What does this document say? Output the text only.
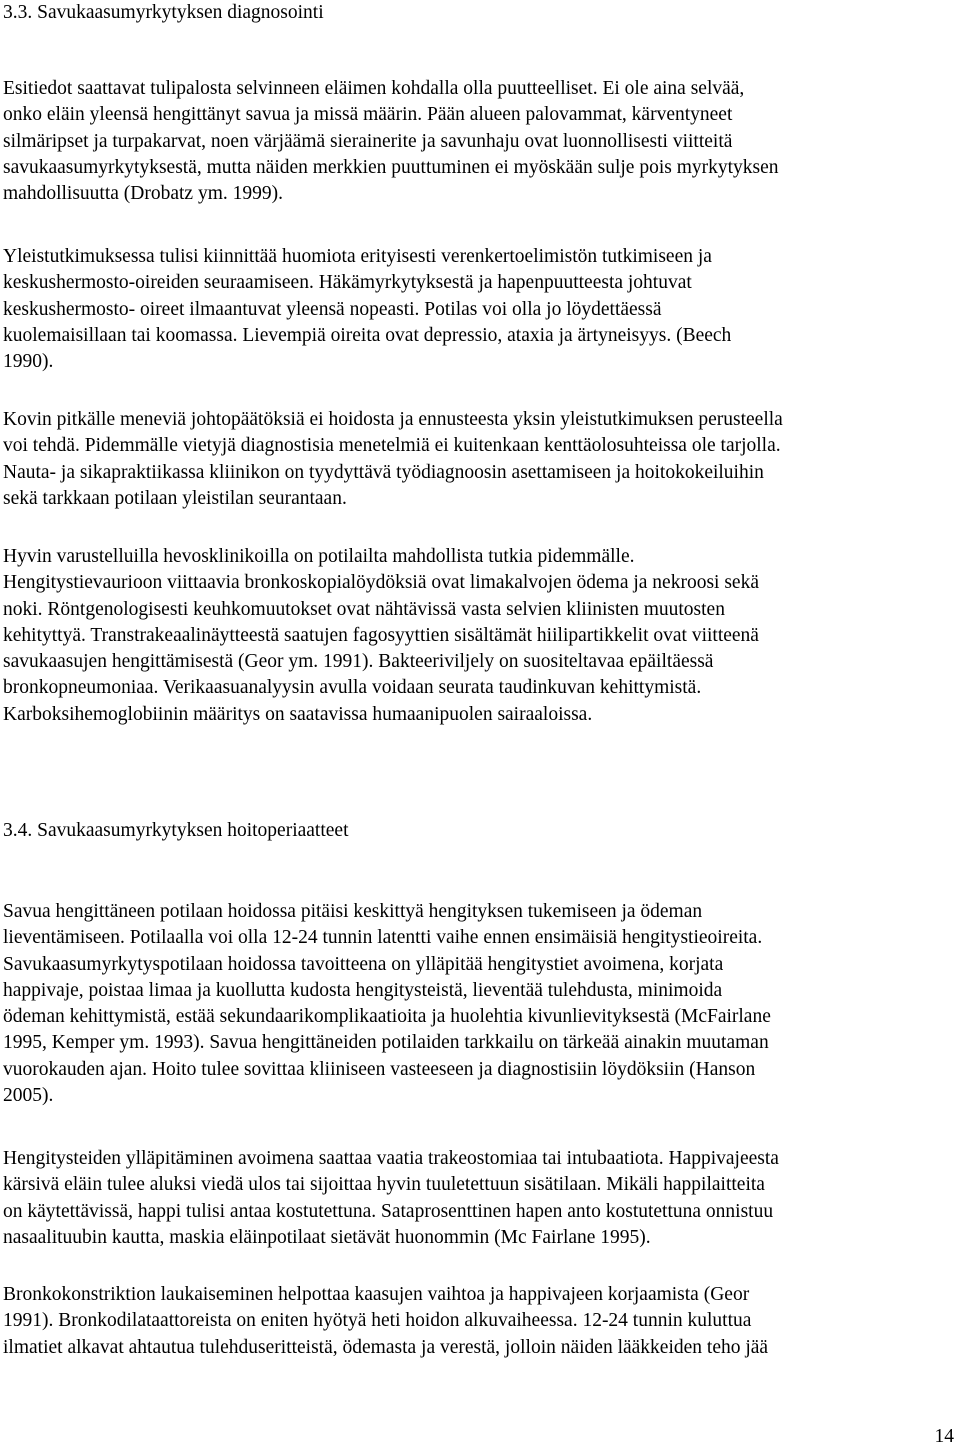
3.3. Savukaasumyrkytyksen diagnosointi

Esitiedot saattavat tulipalosta selvinneen eläimen kohdalla olla puutteelliset. Ei ole aina selvää,
onko eläin yleensä hengittänyt savua ja missä määrin. Pään alueen palovammat, kärventyneet
silmäripset ja turpakarvat, noen värjäämä sierainerite ja savunhaju ovat luonnollisesti viitteitä
savukaasumyrkytyksestä, mutta näiden merkkien puuttuminen ei myöskään sulje pois myrkytyksen
mahdollisuutta (Drobatz ym. 1999).

Yleistutkimuksessa tulisi kiinnittää huomiota erityisesti verenkertoelimistön tutkimiseen ja
keskushermosto-oireiden seuraamiseen. Häkämyrkytyksestä ja hapenpuutteesta johtuvat
keskushermosto- oireet ilmaantuvat yleensä nopeasti. Potilas voi olla jo löydettäessä
kuolemaisillaan tai koomassa. Lievempiä oireita ovat depressio, ataxia ja ärtyneisyys. (Beech
1990).

Kovin pitkälle meneviä johtopäätöksiä ei hoidosta ja ennusteesta yksin yleistutkimuksen perusteella
voi tehdä. Pidemmälle vietyjä diagnostisia menetelmiä ei kuitenkaan kenttäolosuhteissa ole tarjolla.
Nauta- ja sikapraktiikassa kliinikon on tyydyttävä työdiagnoosin asettamiseen ja hoitokokeiluihin
sekä tarkkaan potilaan yleistilan seurantaan.

Hyvin varustelluilla hevosklinikoilla on potilailta mahdollista tutkia pidemmälle.
Hengitystievaurioon viittaavia bronkoskopialöydöksiä ovat limakalvojen ödema ja nekroosi sekä
noki. Röntgenologisesti keuhkomuutokset ovat nähtävissä vasta selvien kliinisten muutosten
kehityttyä. Transtrakeaalinäytteestä saatujen fagosyyttien sisältämät hiilipartikkelit ovat viitteenä
savukaasujen hengittämisestä (Geor ym. 1991). Bakteeriviljely on suositeltavaa epäiltäessä
bronkopneumoniaa. Verikaasuanalyysin avulla voidaan seurata taudinkuvan kehittymistä.
Karboksihemoglobiinin määritys on saatavissa humaanipuolen sairaaloissa.

3.4. Savukaasumyrkytyksen hoitoperiaatteet

Savua hengittäneen potilaan hoidossa pitäisi keskittyä hengityksen tukemiseen ja ödeman
lieventämiseen. Potilaalla voi olla 12-24 tunnin latentti vaihe ennen ensimäisiä hengitystieoireita.
Savukaasumyrkytyspotilaan hoidossa tavoitteena on ylläpitää hengitystiet avoimena, korjata
happivaje, poistaa limaa ja kuollutta kudosta hengitysteistä, lieventää tulehdusta, minimoida
ödeman kehittymistä, estää sekundaarikomplikaatioita ja huolehtia kivunlievityksestä (McFairlane
1995, Kemper ym. 1993). Savua hengittäneiden potilaiden tarkkailu on tärkeää ainakin muutaman
vuorokauden ajan. Hoito tulee sovittaa kliiniseen vasteeseen ja diagnostisiin löydöksiin (Hanson
2005).

Hengitysteiden ylläpitäminen avoimena saattaa vaatia trakeostomiaa tai intubaatiota. Happivajeesta
kärsivä eläin tulee aluksi viedä ulos tai sijoittaa hyvin tuuletettuun sisätilaan. Mikäli happilaitteita
on käytettävissä, happi tulisi antaa kostutettuna. Sataprosenttinen hapen anto kostutettuna onnistuu
nasaalituubin kautta, maskia eläinpotilaat sietävät huonommin (Mc Fairlane 1995).

Bronkokonstriktion laukaiseminen helpottaa kaasujen vaihtoa ja happivajeen korjaamista (Geor
1991). Bronkodilataattoreista on eniten hyötyä heti hoidon alkuvaiheessa. 12-24 tunnin kuluttua
ilmatiet alkavat ahtautua tulehduseritteistä, ödemasta ja verestä, jolloin näiden lääkkeiden teho jää

14
